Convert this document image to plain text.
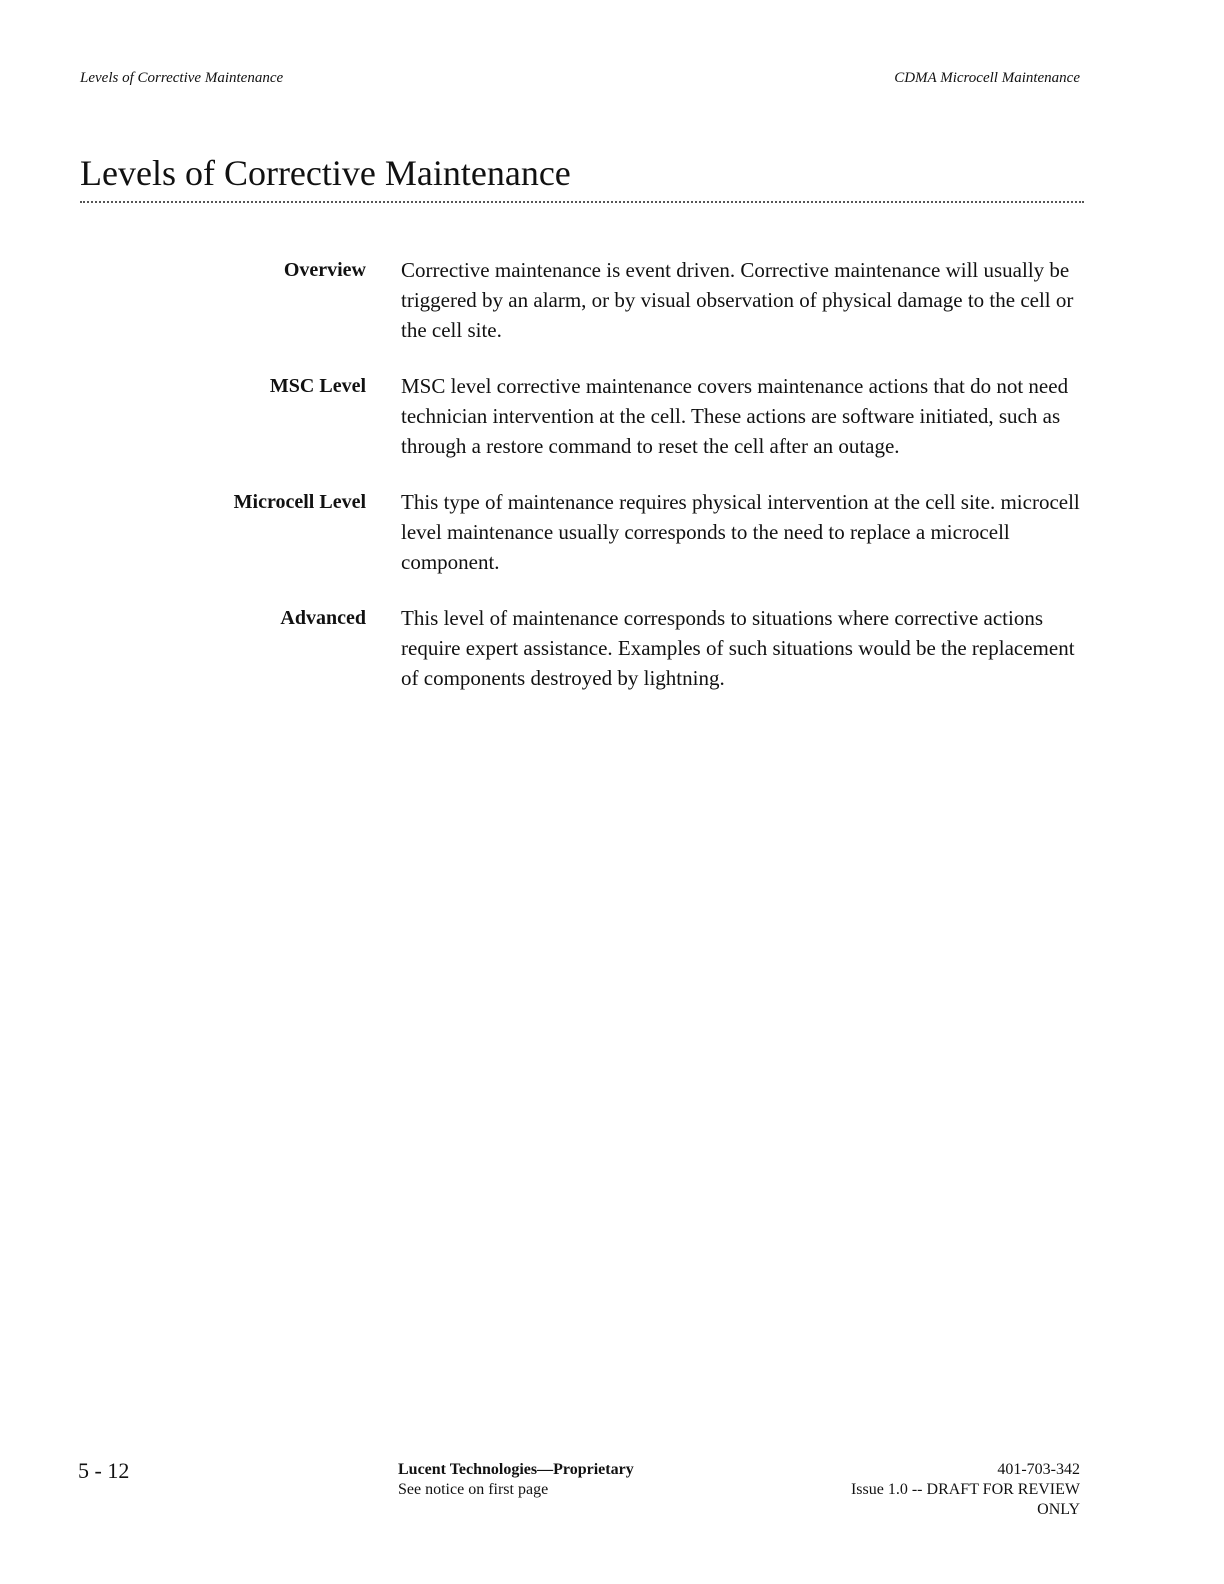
Levels of Corrective Maintenance	CDMA Microcell Maintenance
Levels of Corrective Maintenance
Overview Corrective maintenance is event driven. Corrective maintenance will usually be triggered by an alarm, or by visual observation of physical damage to the cell or the cell site.

MSC Level MSC level corrective maintenance covers maintenance actions that do not need technician intervention at the cell. These actions are software initiated, such as through a restore command to reset the cell after an outage.

Microcell Level This type of maintenance requires physical intervention at the cell site. microcell level maintenance usually corresponds to the need to replace a microcell component.

Advanced This level of maintenance corresponds to situations where corrective actions require expert assistance. Examples of such situations would be the replacement of components destroyed by lightning.

5 - 12	Lucent Technologies—Proprietary
See notice on first page
401-703-342
Issue 1.0 -- DRAFT FOR REVIEW
ONLY
